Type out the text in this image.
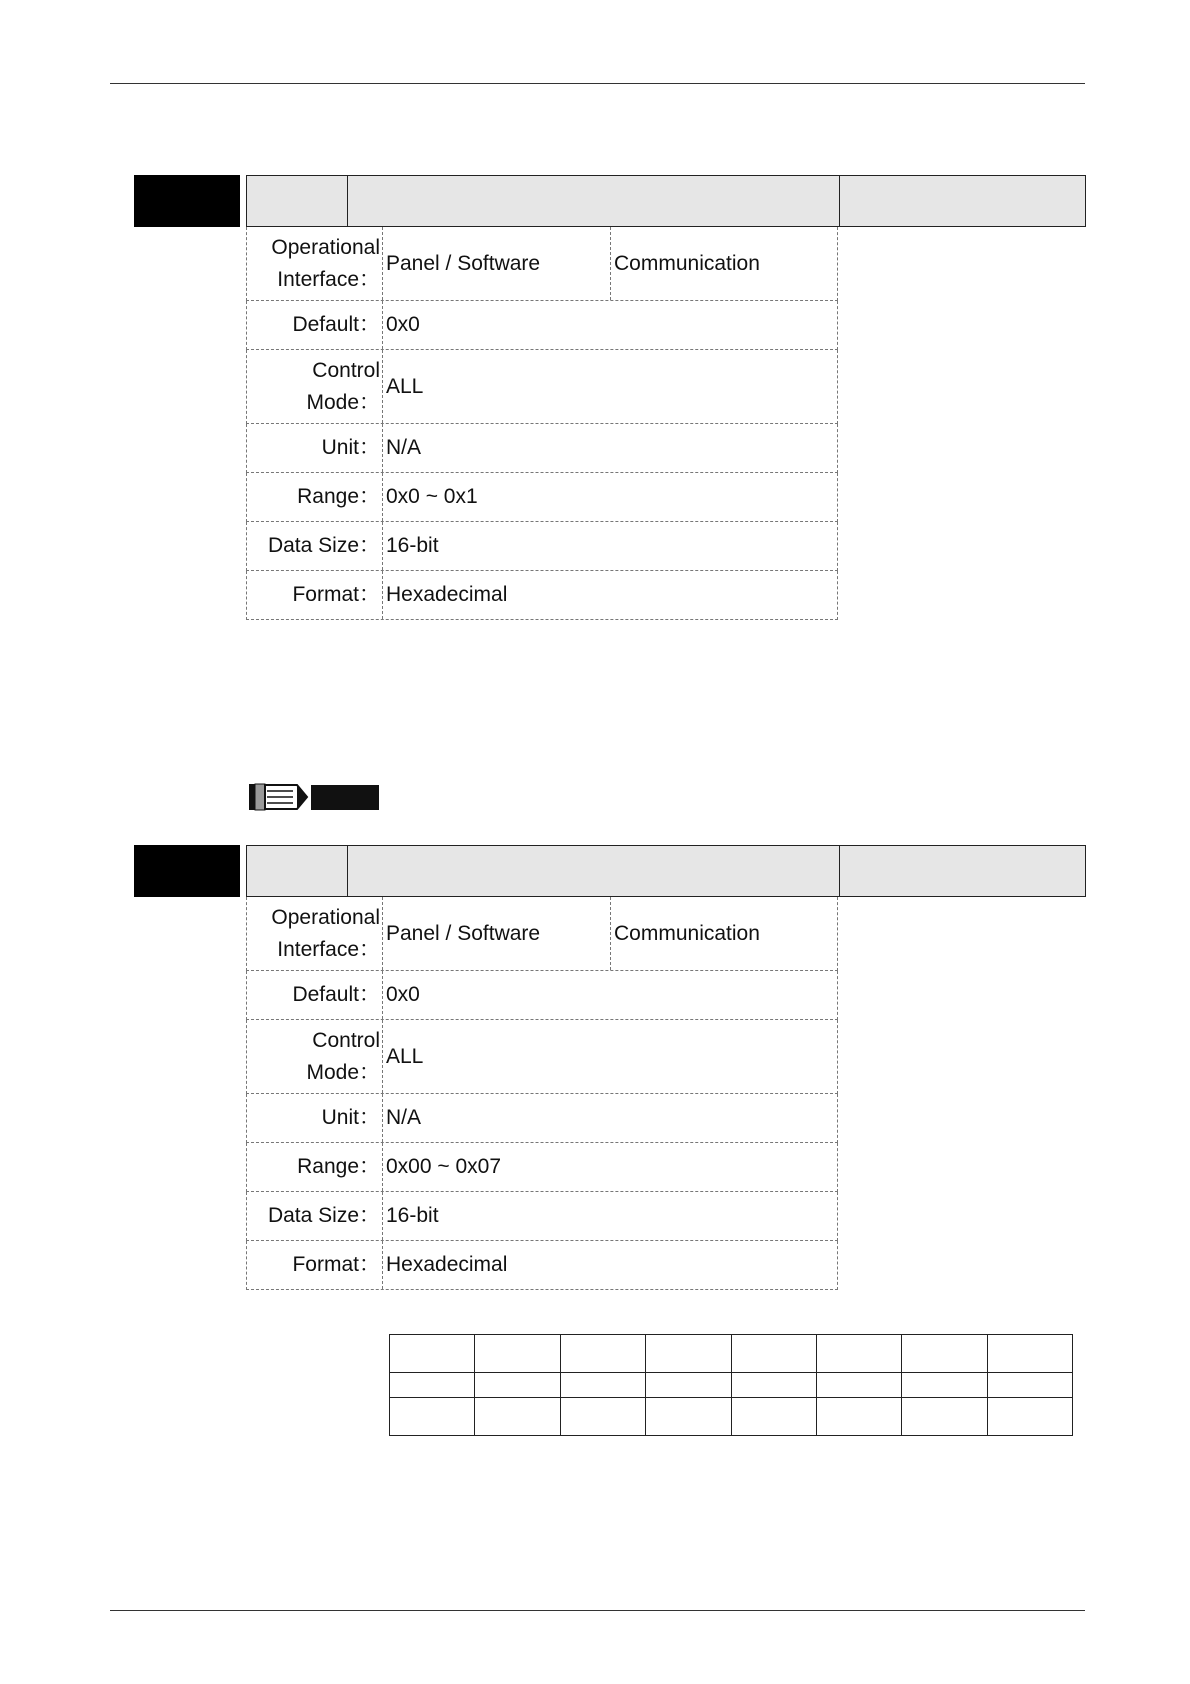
Operational
Interface：
Panel / Software	Communication
Default： 0x0
Control
Mode：
ALL
Unit： N/A
Range： 0x0 ~ 0x1
Data Size： 16-bit
Format： Hexadecimal
Operational
Interface：
Panel / Software	Communication
Default： 0x0
Control
Mode：
ALL
Unit： N/A
Range： 0x00 ~ 0x07
Data Size： 16-bit
Format： Hexadecimal
